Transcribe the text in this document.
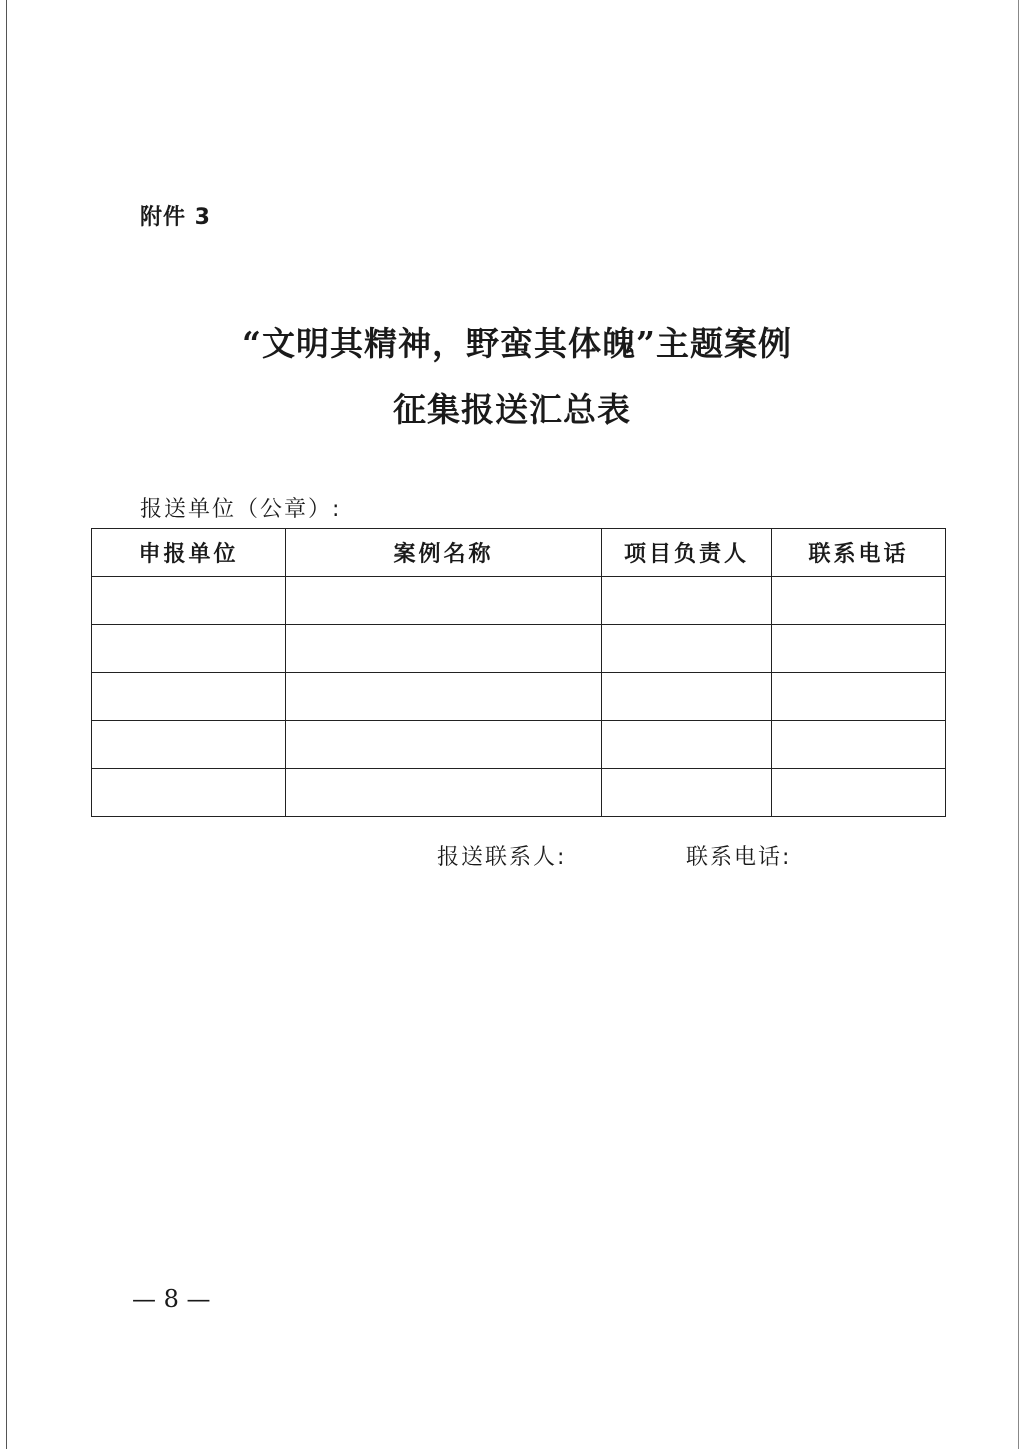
附件 3
“文明其精神，野蛮其体魄”主题案例
征集报送汇总表
报送单位（公章）:
申报单位	案例名称	项目负责人	联系电话

报送联系人:	联系电话:
— 8 —
